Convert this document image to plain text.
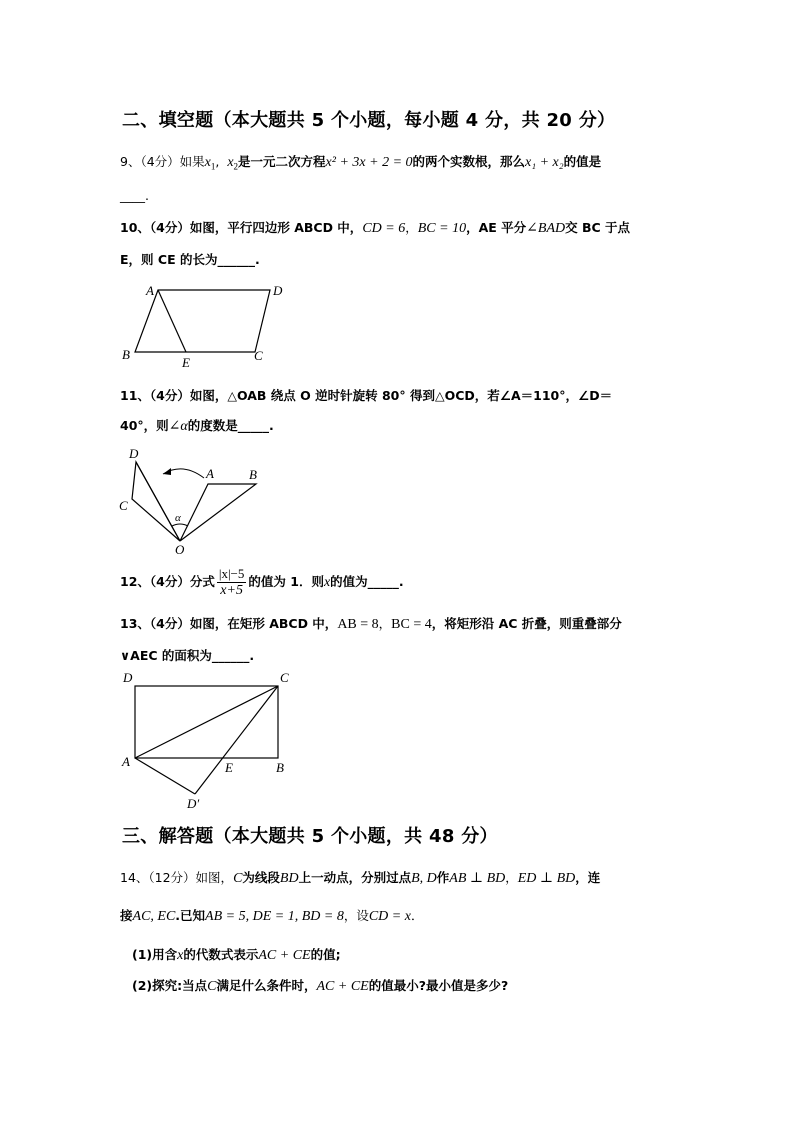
二、填空题（本大题共 5 个小题，每小题 4 分，共 20 分）
9、（4分）如果$x_1$, $x_2$是一元二次方程x² + 3x + 2 = 0的两个实数根，那么x₁ + x₂的值是
____.
10、（4分）如图，平行四边形 ABCD 中，CD = 6，BC = 10，AE 平分∠BAD交 BC 于点
E，则 CE 的长为______.
A	D
B
E	C
11、（4分）如图，△OAB 绕点 O 逆时针旋转 80° 得到△OCD，若∠A＝110°，∠D＝
40°，则∠α的度数是_____.
D
A	B
C
O
α
12、（4分）分式 $\frac{|x|-5}{x+5}$ 的值为 1．则x的值为_____.
13、（4分）如图，在矩形 ABCD 中，AB = 8，BC = 4，将矩形沿 AC 折叠，则重叠部分
∨AEC 的面积为______.
D	C
A	E	B
D′
三、解答题（本大题共 5 个小题，共 48 分）
14、（12分）如图，C为线段BD上一动点，分别过点B, D作AB ⊥ BD，ED ⊥ BD，连
接AC, EC.已知AB = 5, DE = 1, BD = 8，设CD = x．
(1)用含x的代数式表示AC + CE的值;
(2)探究:当点C满足什么条件时，AC + CE的值最小?最小值是多少?
